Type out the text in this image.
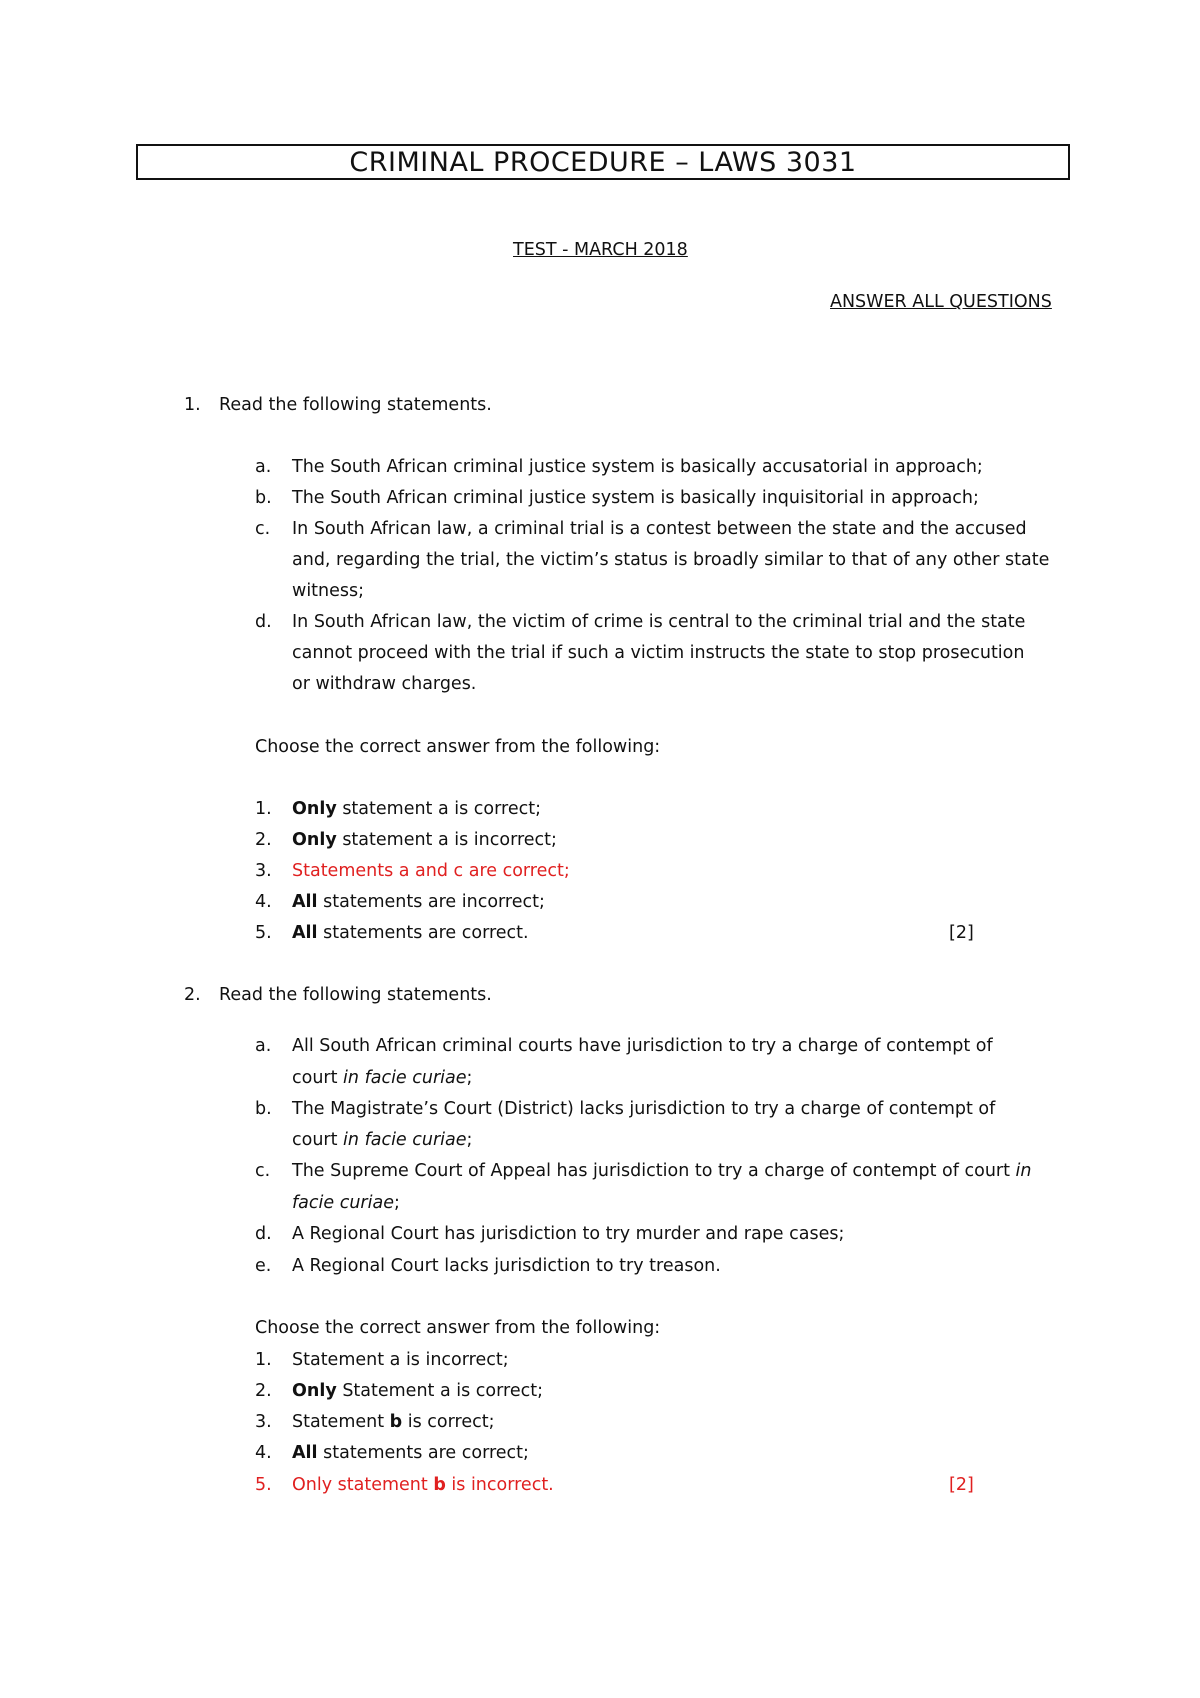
CRIMINAL PROCEDURE – LAWS 3031
TEST - MARCH 2018
ANSWER ALL QUESTIONS
1. Read the following statements.
a. The South African criminal justice system is basically accusatorial in approach;
b. The South African criminal justice system is basically inquisitorial in approach;
c. In South African law, a criminal trial is a contest between the state and the accused
and, regarding the trial, the victim’s status is broadly similar to that of any other state
witness;
d. In South African law, the victim of crime is central to the criminal trial and the state
cannot proceed with the trial if such a victim instructs the state to stop prosecution
or withdraw charges.
Choose the correct answer from the following:
1. Only statement a is correct;
2. Only statement a is incorrect;
3. Statements a and c are correct;
4. All statements are incorrect;
5. All statements are correct.	[2]
2. Read the following statements.
a. All South African criminal courts have jurisdiction to try a charge of contempt of
court in facie curiae;
b. The Magistrate’s Court (District) lacks jurisdiction to try a charge of contempt of
court in facie curiae;
c. The Supreme Court of Appeal has jurisdiction to try a charge of contempt of court in
facie curiae;
d. A Regional Court has jurisdiction to try murder and rape cases;
e. A Regional Court lacks jurisdiction to try treason.
Choose the correct answer from the following:
1. Statement a is incorrect;
2. Only Statement a is correct;
3. Statement b is correct;
4. All statements are correct;
5. Only statement b is incorrect.	[2]
